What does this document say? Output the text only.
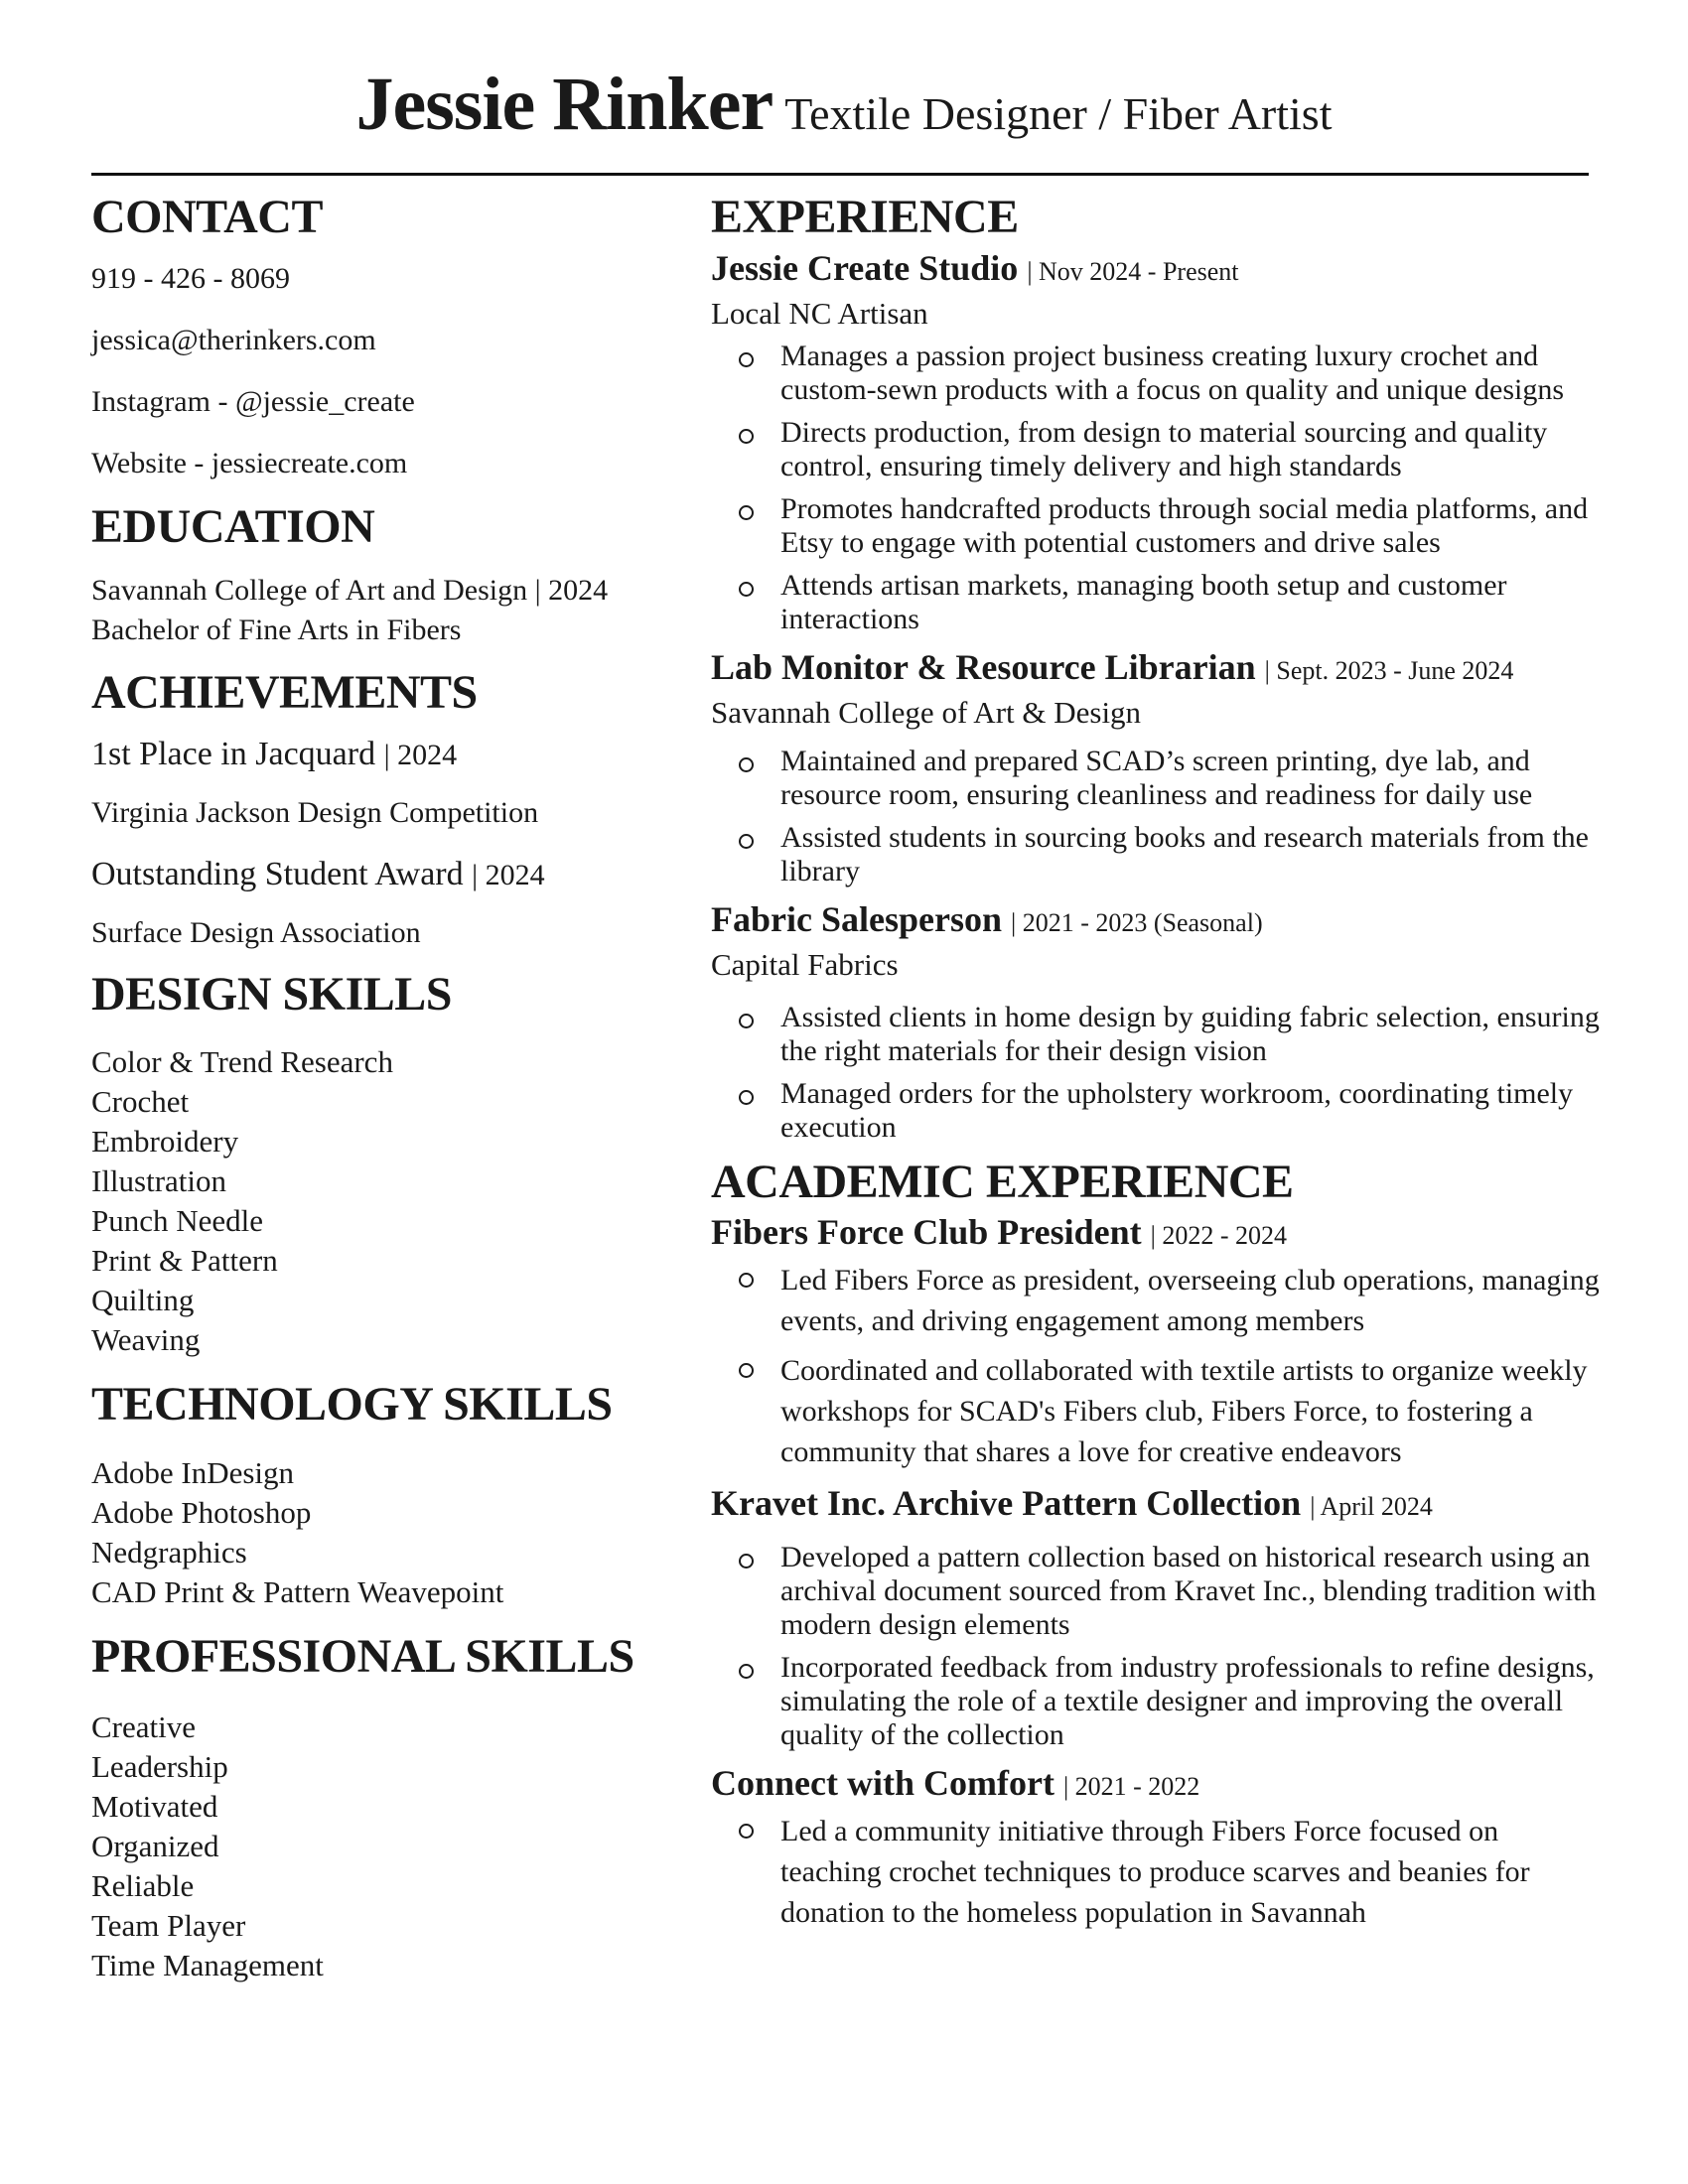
Jessie Rinker Textile Designer / Fiber Artist
CONTACT
919 - 426 - 8069
jessica@therinkers.com
Instagram - @jessie_create
Website - jessiecreate.com
EDUCATION
Savannah College of Art and Design | 2024
Bachelor of Fine Arts in Fibers
ACHIEVEMENTS
1st Place in Jacquard | 2024
Virginia Jackson Design Competition
Outstanding Student Award | 2024
Surface Design Association
DESIGN SKILLS
Color & Trend Research
Crochet
Embroidery
Illustration
Punch Needle
Print & Pattern
Quilting
Weaving
TECHNOLOGY SKILLS
Adobe InDesign
Adobe Photoshop
Nedgraphics
CAD Print & Pattern Weavepoint
PROFESSIONAL SKILLS
Creative
Leadership
Motivated
Organized
Reliable
Team Player
Time Management
EXPERIENCE
Jessie Create Studio | Nov 2024 - Present
Local NC Artisan
Manages a passion project business creating luxury crochet and custom-sewn products with a focus on quality and unique designs
Directs production, from design to material sourcing and quality control, ensuring timely delivery and high standards
Promotes handcrafted products through social media platforms, and Etsy to engage with potential customers and drive sales
Attends artisan markets, managing booth setup and customer interactions
Lab Monitor & Resource Librarian | Sept. 2023 - June 2024
Savannah College of Art & Design
Maintained and prepared SCAD’s screen printing, dye lab, and resource room, ensuring cleanliness and readiness for daily use
Assisted students in sourcing books and research materials from the library
Fabric Salesperson | 2021 - 2023 (Seasonal)
Capital Fabrics
Assisted clients in home design by guiding fabric selection, ensuring the right materials for their design vision
Managed orders for the upholstery workroom, coordinating timely execution
ACADEMIC EXPERIENCE
Fibers Force Club President | 2022 - 2024
Led Fibers Force as president, overseeing club operations, managing events, and driving engagement among members
Coordinated and collaborated with textile artists to organize weekly workshops for SCAD's Fibers club, Fibers Force, to fostering a community that shares a love for creative endeavors
Kravet Inc. Archive Pattern Collection | April 2024
Developed a pattern collection based on historical research using an archival document sourced from Kravet Inc., blending tradition with modern design elements
Incorporated feedback from industry professionals to refine designs, simulating the role of a textile designer and improving the overall quality of the collection
Connect with Comfort | 2021 - 2022
Led a community initiative through Fibers Force focused on teaching crochet techniques to produce scarves and beanies for donation to the homeless population in Savannah
